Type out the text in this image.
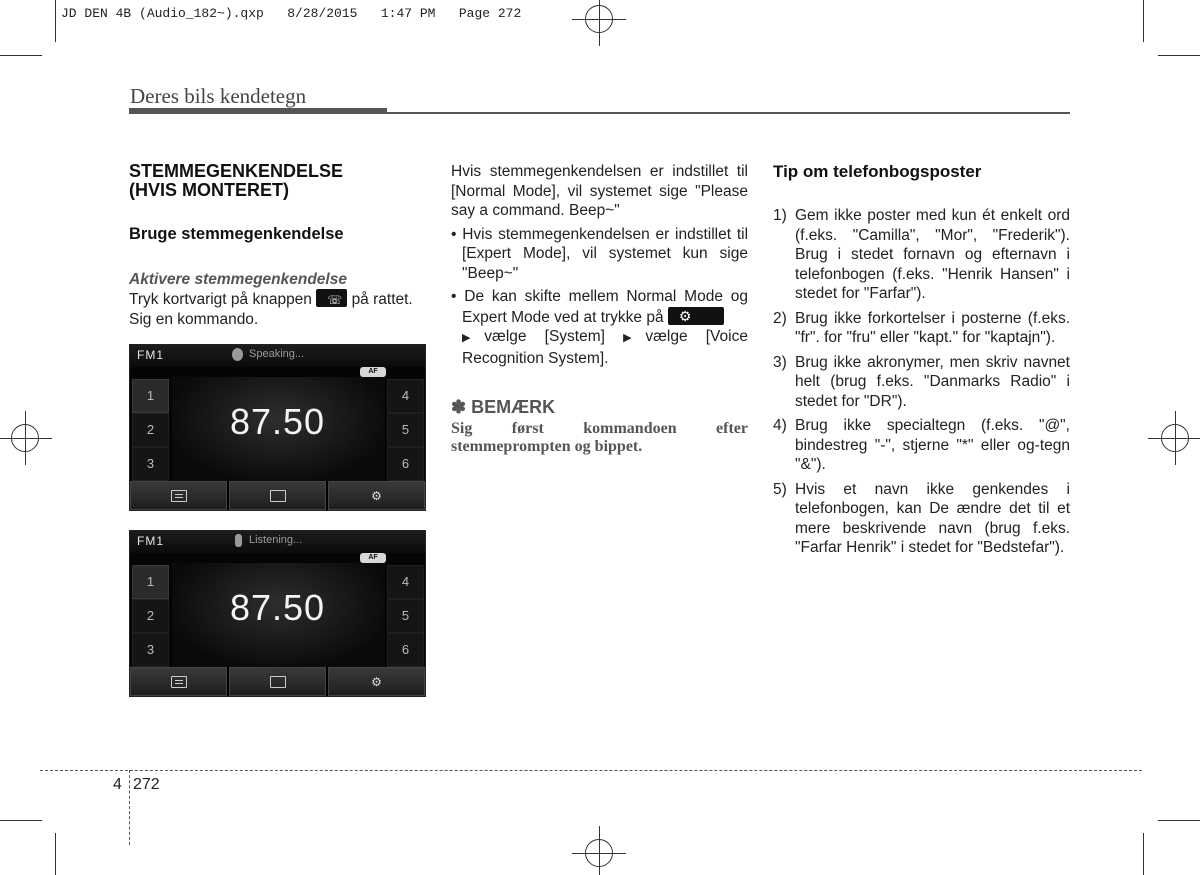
JD DEN 4B (Audio_182~).qxp   8/28/2015   1:47 PM   Page 272
Deres bils kendetegn
STEMMEGENKENDELSE
(HVIS MONTERET)
Bruge stemmegenkendelse
Aktivere stemmegenkendelse

Tryk kortvarigt på knappen ☏ på rattet.
Sig en kommando.

FM1	Speaking...
AF
1
2
3
4
5
6
87.50
⚙
FM1	Listening...
AF
1
2
3
4
5
6
87.50
⚙

Hvis stemmegenkendelsen er indstillet til [Normal Mode], vil systemet sige "Please say a command. Beep~"

• Hvis stemmegenkendelsen er indstillet til [Expert Mode], vil systemet kun sige "Beep~"

• De kan skifte mellem Normal Mode og Expert Mode ved at trykke på ⚙

▶vælge [System] ▶vælge [Voice Recognition System].

✽ BEMÆRK
Sig først kommandoen efter
stemmeprompten og bippet.
Tip om telefonbogsposter
1) Gem ikke poster med kun ét enkelt ord (f.eks. "Camilla", "Mor", "Frederik"). Brug i stedet fornavn og efternavn i telefonbogen (f.eks. "Henrik Hansen" i stedet for "Farfar").
2) Brug ikke forkortelser i posterne (f.eks. "fr". for "fru" eller "kapt." for "kaptajn").
3) Brug ikke akronymer, men skriv navnet helt (brug f.eks. "Danmarks Radio" i stedet for "DR").
4) Brug ikke specialtegn (f.eks. "@", bindestreg "-", stjerne "*" eller og-tegn "&").
5) Hvis et navn ikke genkendes i telefonbogen, kan De ændre det til et mere beskrivende navn (brug f.eks. "Farfar Henrik" i stedet for "Bedstefar").
4 272
